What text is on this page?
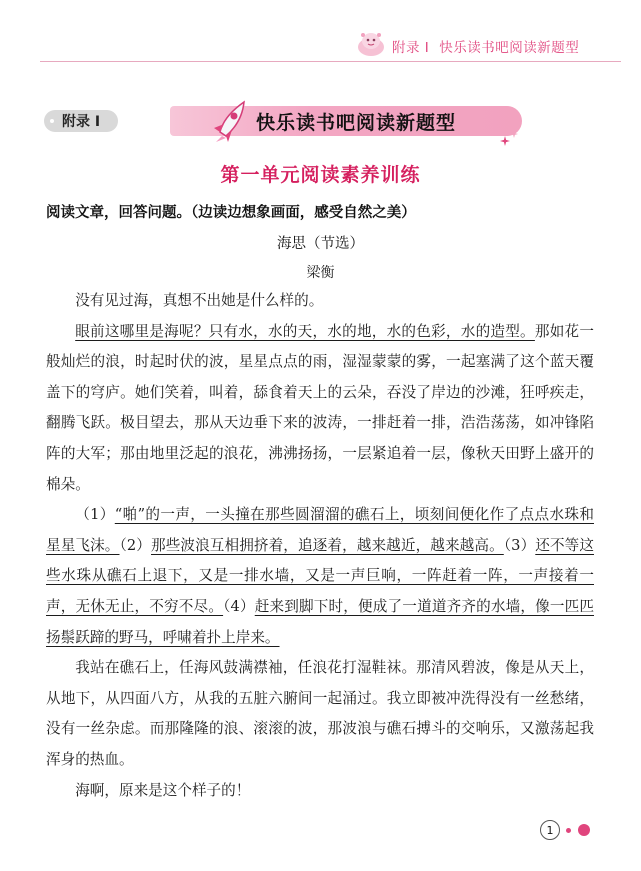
附录 I 快乐读书吧阅读新题型
附录 I	快乐读书吧阅读新题型
第一单元阅读素养训练
阅读文章，回答问题。（边读边想象画面，感受自然之美）
海思（节选）
梁衡

没有见过海，真想不出她是什么样的。

眼前这哪里是海呢？只有水，水的天，水的地，水的色彩，水的造型。那如花一般灿烂的浪，时起时伏的波，星星点点的雨，湿湿蒙蒙的雾，一起塞满了这个蓝天覆盖下的穹庐。她们笑着，叫着，舔食着天上的云朵，吞没了岸边的沙滩，狂呼疾走，翻腾飞跃。极目望去，那从天边垂下来的波涛，一排赶着一排，浩浩荡荡，如冲锋陷阵的大军；那由地里泛起的浪花，沸沸扬扬，一层紧追着一层，像秋天田野上盛开的棉朵。

（1）“啪”的一声，一头撞在那些圆溜溜的礁石上，顷刻间便化作了点点水珠和星星飞沫。（2）那些波浪互相拥挤着，追逐着，越来越近，越来越高。（3）还不等这些水珠从礁石上退下，又是一排水墙，又是一声巨响，一阵赶着一阵，一声接着一声，无休无止，不穷不尽。（4）赶来到脚下时，便成了一道道齐齐的水墙，像一匹匹扬鬃跃蹄的野马，呼啸着扑上岸来。

我站在礁石上，任海风鼓满襟袖，任浪花打湿鞋袜。那清风碧波，像是从天上，从地下，从四面八方，从我的五脏六腑间一起涌过。我立即被冲洗得没有一丝愁绪，没有一丝杂虑。而那隆隆的浪、滚滚的波，那波浪与礁石搏斗的交响乐，又激荡起我浑身的热血。

海啊，原来是这个样子的！

1
